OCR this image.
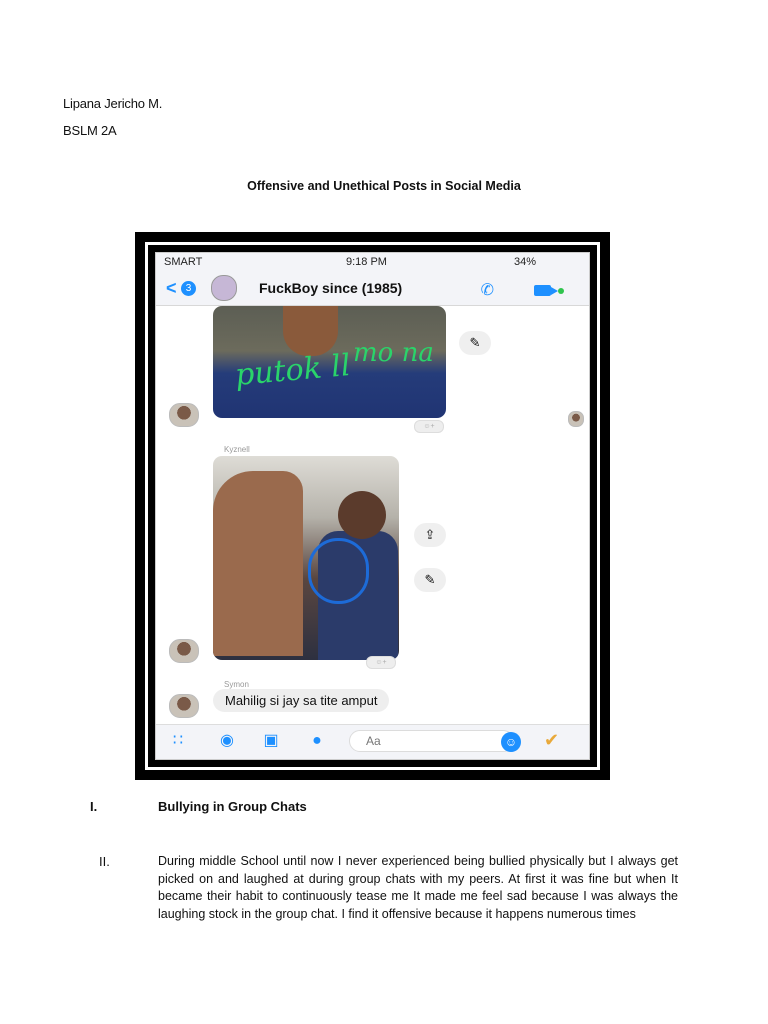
Lipana Jericho M.
BSLM 2A
Offensive and Unethical Posts in Social Media
SMART	9:18 PM	34%
< 3	FuckBoy since (1985)	✆
putok ll mo na	✎
☺+
Kyznell
⇪
✎
☺+
Symon
Mahilig si jay sa tite amput
∷ ◉ ▣ ●	Aa	☺ ✔
I.	Bullying in Group Chats
II.	During middle School until now I never experienced being bullied physically but I always get picked on and laughed at during group chats with my peers. At first it was fine but when It became their habit to continuously tease me It made me feel sad because I was always the laughing stock in the group chat. I find it offensive because it happens numerous times
